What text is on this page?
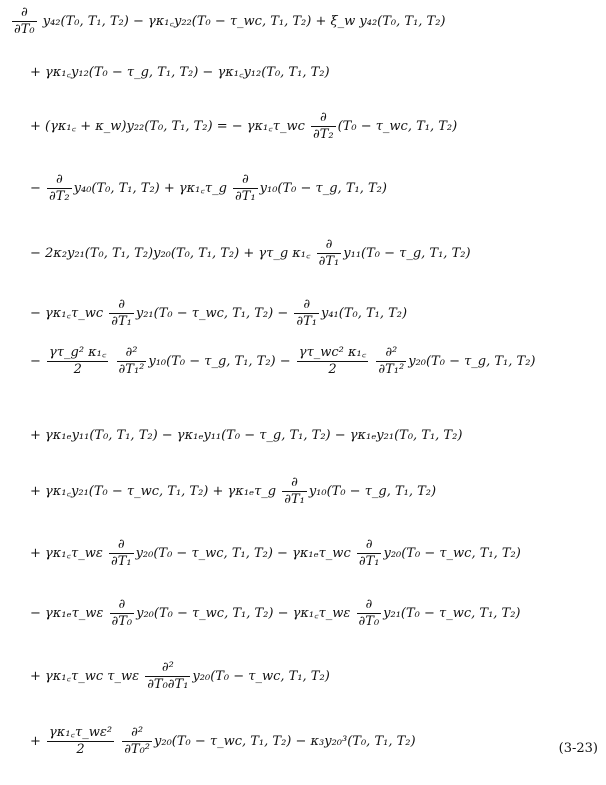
$\frac{\partial}{\text{∂T₀}} y_{42}(T_0$, T₁, T₂) − γκ₁꜀y₂₂(T₀ − τ_wc, T₁, T₂) + ξ_w y₄₂(T₀, T₁, T₂)
+ γκ₁꜀y₁₂(T₀ − τ_g, T₁, T₂) − γκ₁꜀y₁₂(T₀, T₁, T₂)
+ (γκ₁꜀ + κ_w)y₂₂(T₀, T₁, T₂) = − γκ₁꜀τ_wc $\frac{\partial}{\text{∂T₂}} (T_0$ − τ_wc, T₁, T₂)
− $\frac{\partial}{\text{∂T₂}} y_{40}(T_0$, T₁, T₂) + γκ₁꜀τ_g $\frac{\partial}{\text{∂T₁}} y_{10}(T_0$ − τ_g, T₁, T₂)
− 2κ₂y₂₁(T₀, T₁, T₂)y₂₀(T₀, T₁, T₂) + γτ_g κ₁꜀ $\frac{\partial}{\text{∂T₁}} y_{11}(T_0$ − τ_g, T₁, T₂)
− γκ₁꜀τ_wc $\frac{\partial}{\text{∂T₁}} y_{21}(T_0$ − τ_wc, T₁, $T_2) - \frac{\partial}{\text{∂T₁}} y_{41}(T_0$, T₁, T₂)
− $\frac{\text{γτ\_g² κ₁꜀}}{2}$
$\frac{\text{∂²}}{\text{∂T₁²}} y_{10}(T_0$ − τ_g, T₁, $T_2) - \frac{\text{γτ\_wc² κ₁꜀}}{2}$
$\frac{\text{∂²}}{\text{∂T₁²}} y_{20}(T_0$ − τ_g, T₁, T₂)
+ γκ₁ₑy₁₁(T₀, T₁, T₂) − γκ₁ₑy₁₁(T₀ − τ_g, T₁, T₂) − γκ₁ₑy₂₁(T₀, T₁, T₂)
+ γκ₁꜀y₂₁(T₀ − τ_wc, T₁, T₂) + γκ₁ₑτ_g $\frac{\partial}{\text{∂T₁}} y_{10}(T_0$ − τ_g, T₁, T₂)
+ γκ₁꜀τ_wε $\frac{\partial}{\text{∂T₁}} y_{20}(T_0$ − τ_wc, T₁, T₂) − γκ₁ₑτ_wc $\frac{\partial}{\text{∂T₁}} y_{20}(T_0$ − τ_wc, T₁, T₂)
− γκ₁ₑτ_wε $\frac{\partial}{\text{∂T₀}} y_{20}(T_0$ − τ_wc, T₁, T₂) − γκ₁꜀τ_wε $\frac{\partial}{\text{∂T₀}} y_{21}(T_0$ − τ_wc, T₁, T₂)
+ γκ₁꜀τ_wc τ_wε $\frac{\text{∂²}}{\text{∂T₀∂T₁}} y_{20}(T_0$ − τ_wc, T₁, T₂)
+ $\frac{\text{γκ₁꜀τ\_wε²}}{2}$
$\frac{\text{∂²}}{\text{∂T₀²}} y_{20}(T_0$ − τ_wc, T₁, T₂) − κ₃y₂₀³(T₀, T₁, T₂)	(3-23)
